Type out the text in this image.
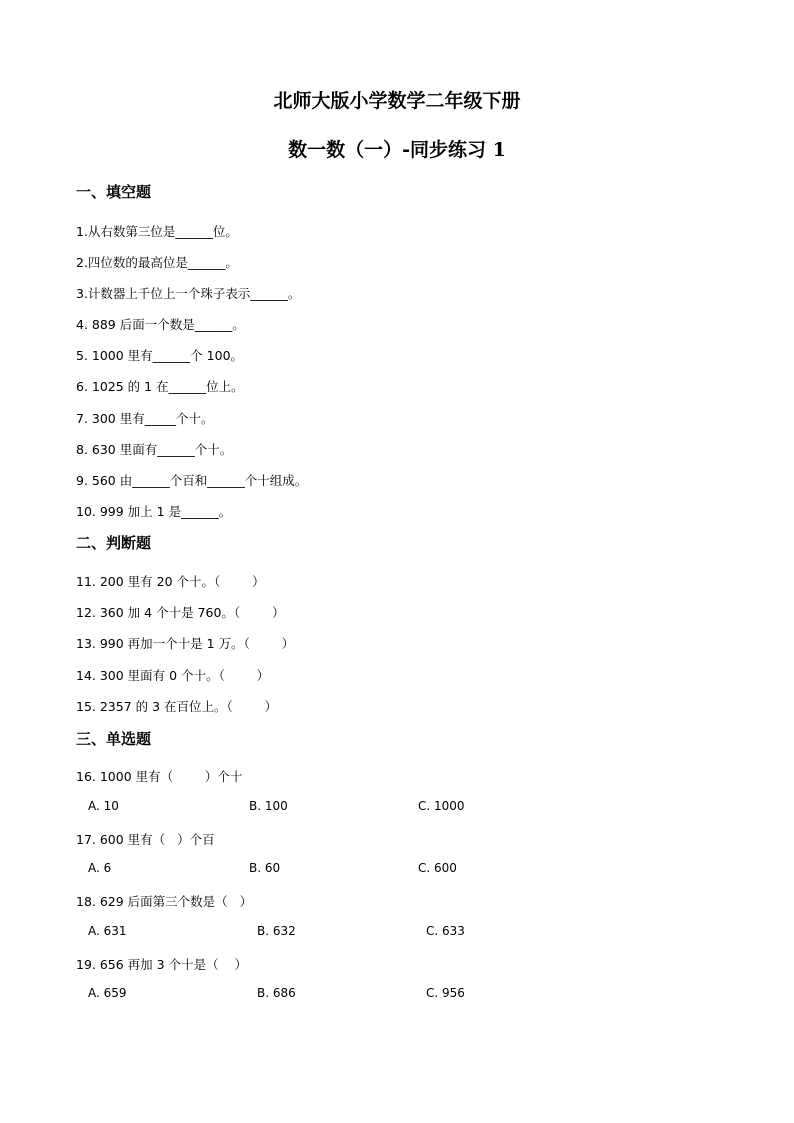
北师大版小学数学二年级下册
数一数（一）-同步练习 1
一、填空题
1.从右数第三位是______位。
2.四位数的最高位是______。
3.计数器上千位上一个珠子表示______。
4. 889 后面一个数是______。
5. 1000 里有______个 100。
6. 1025 的 1 在______位上。
7. 300 里有_____个十。
8. 630 里面有______个十。
9. 560 由______个百和______个十组成。
10. 999 加上 1 是______。
二、判断题
11. 200 里有 20 个十。（        ）
12. 360 加 4 个十是 760。（        ）
13. 990 再加一个十是 1 万。（        ）
14. 300 里面有 0 个十。（        ）
15. 2357 的 3 在百位上。（        ）
三、单选题
16. 1000 里有（        ）个十
A. 10	B. 100	C. 1000
17. 600 里有（   ）个百
A. 6	B. 60	C. 600
18. 629 后面第三个数是（   ）
A. 631	B. 632	C. 633
19. 656 再加 3 个十是（    ）
A. 659	B. 686	C. 956
